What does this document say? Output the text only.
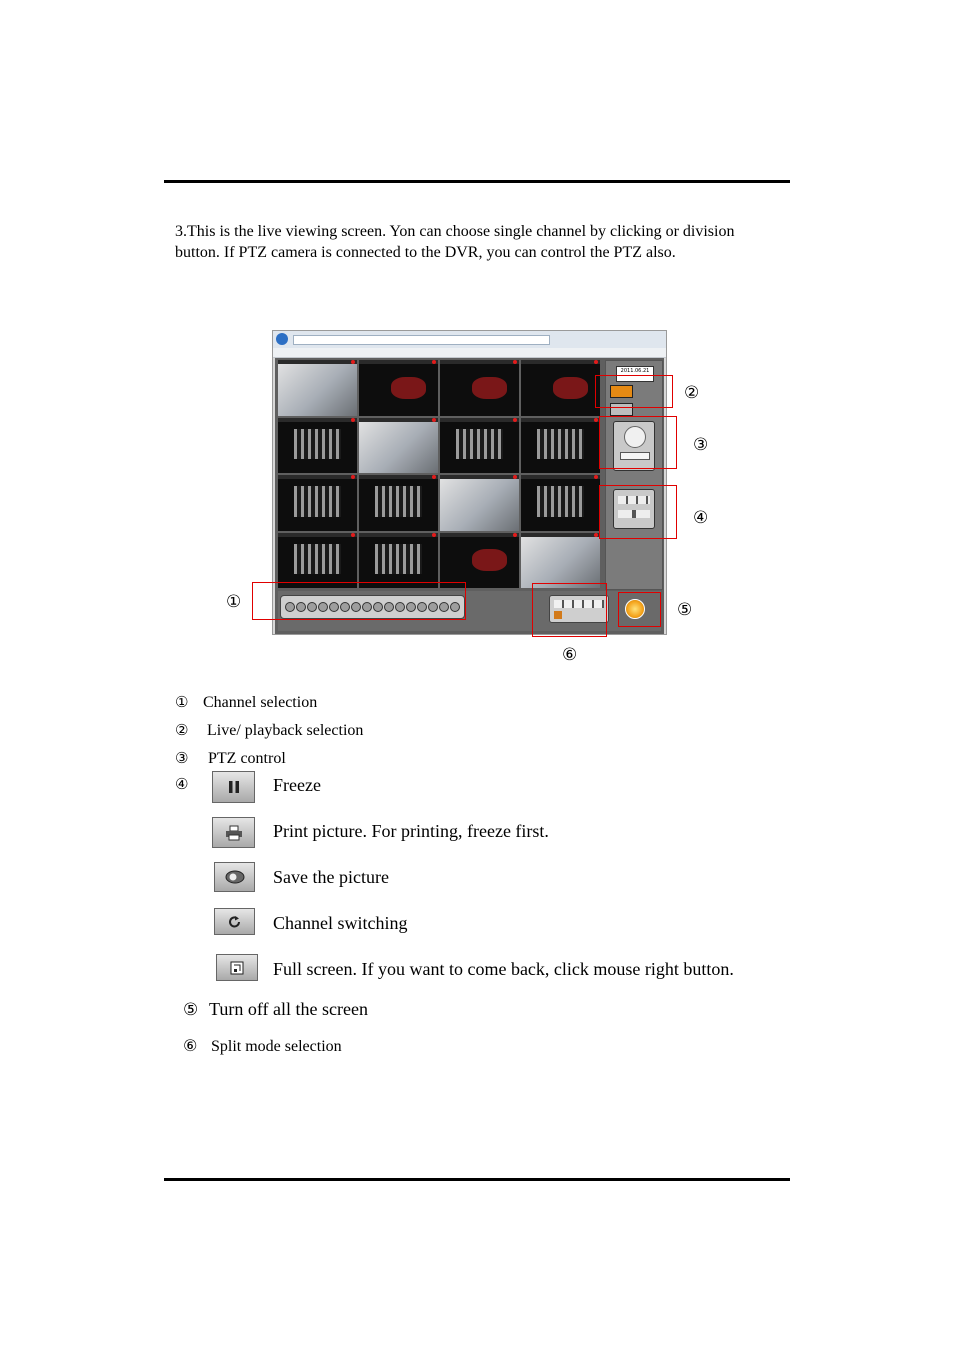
3.This is the live viewing screen. Yon can choose single channel by clicking or division button. If PTZ camera is connected to the DVR, you can control the PTZ also.
2011.06.21
①
②
③
④
⑤
⑥
① Channel selection
② Live/ playback selection
③ PTZ control
④	Freeze
Print picture. For printing, freeze first.
Save the picture
Channel switching
Full screen. If you want to come back, click mouse right button.
⑤ Turn off all the screen
⑥ Split mode selection
